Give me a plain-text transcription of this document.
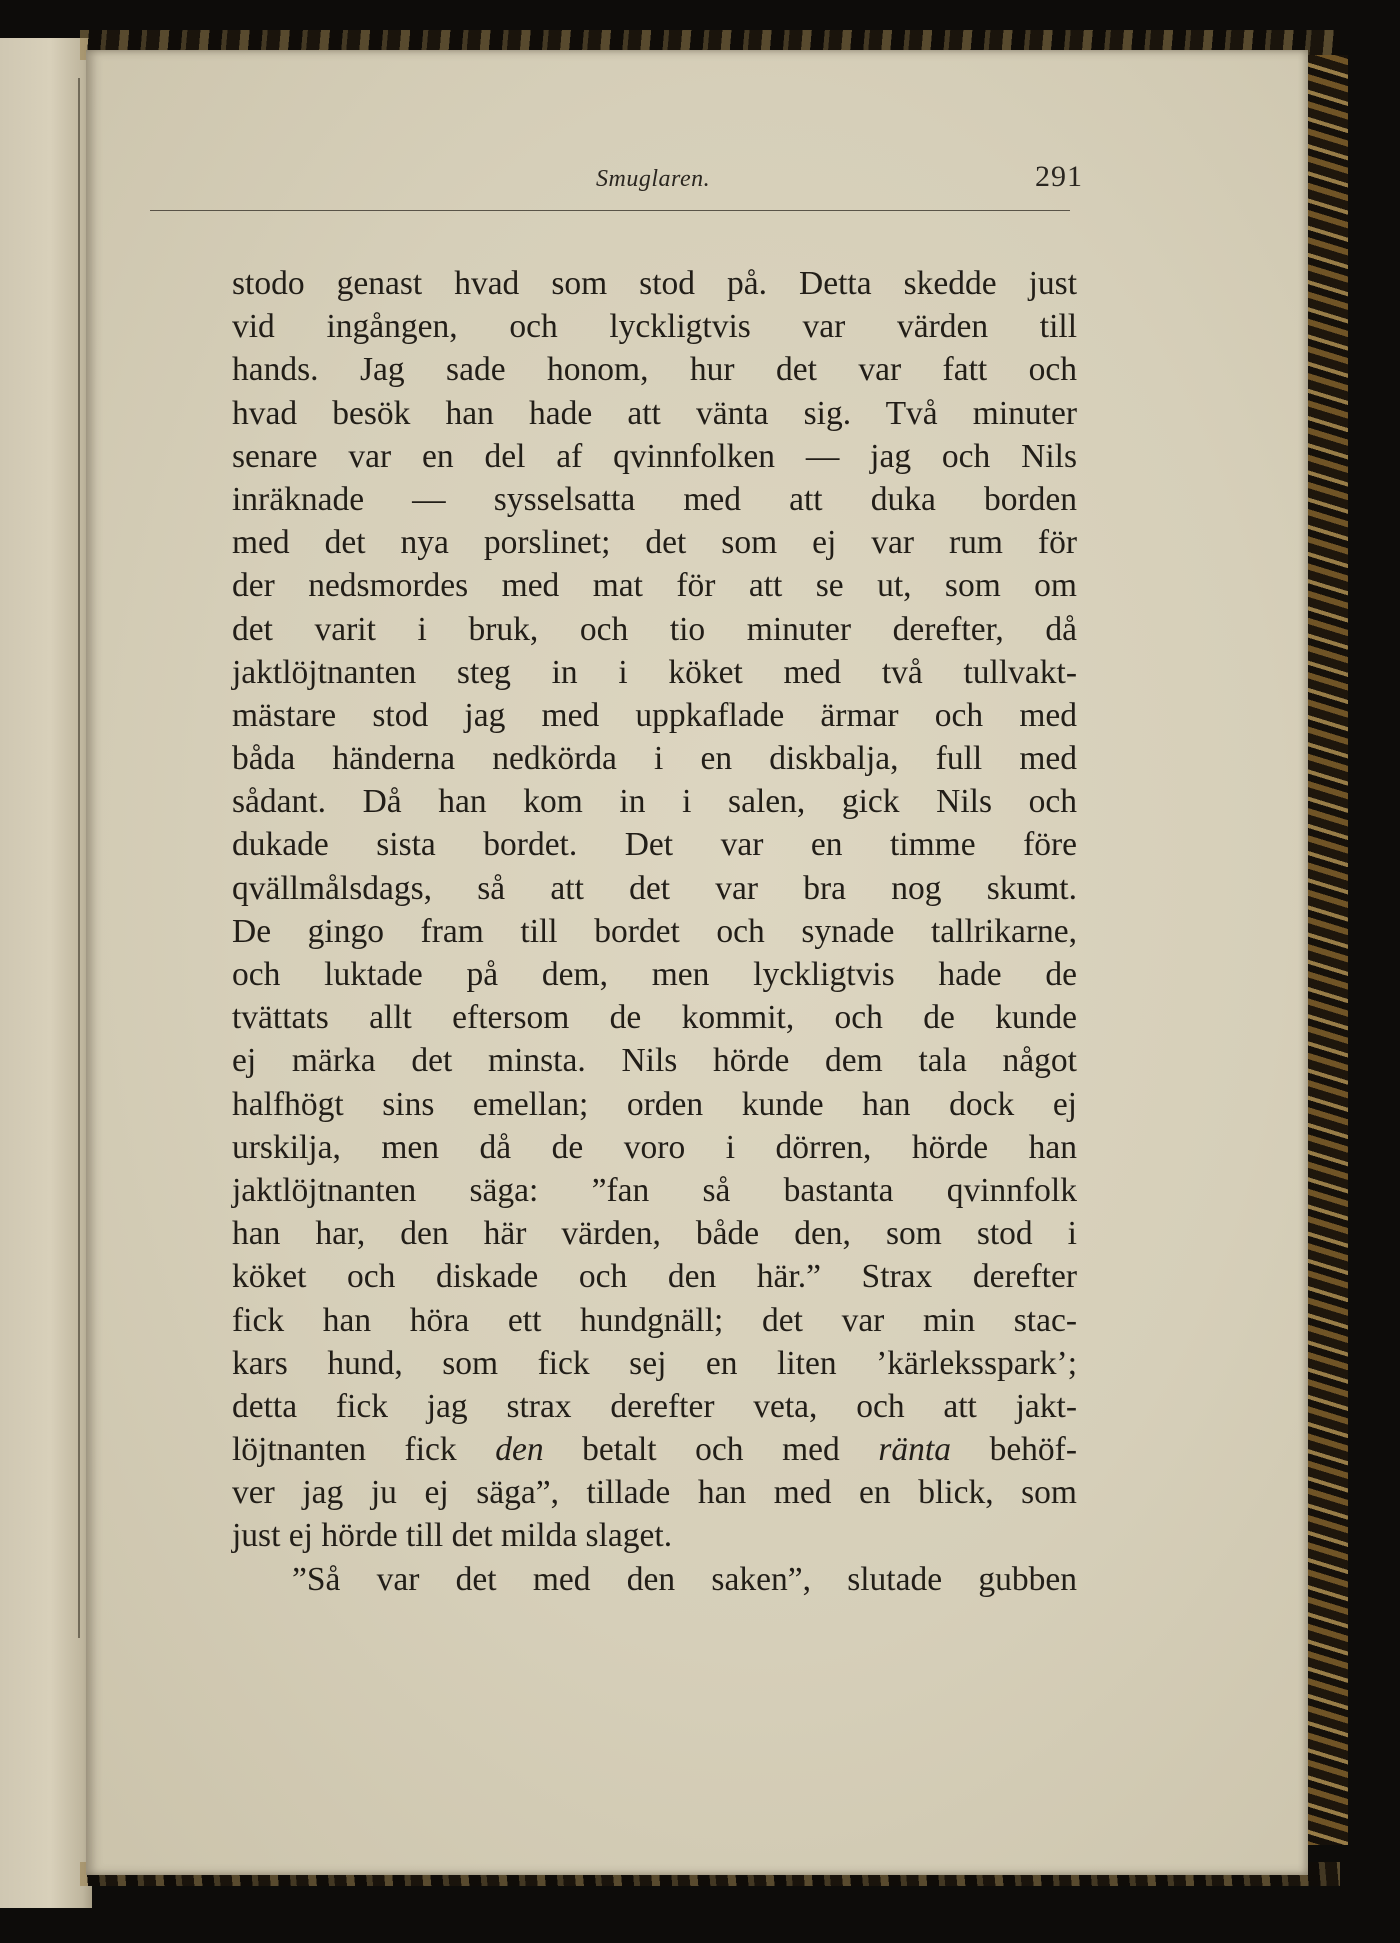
Smuglaren.	291
stodo genast hvad som stod på. Detta skedde just
vid ingången, och lyckligtvis var värden till
hands. Jag sade honom, hur det var fatt och
hvad besök han hade att vänta sig. Två minuter
senare var en del af qvinnfolken — jag och Nils
inräknade — sysselsatta med att duka borden
med det nya porslinet; det som ej var rum för
der nedsmordes med mat för att se ut, som om
det varit i bruk, och tio minuter derefter, då
jaktlöjtnanten steg in i köket med två tullvakt-
mästare stod jag med uppkaflade ärmar och med
båda händerna nedkörda i en diskbalja, full med
sådant. Då han kom in i salen, gick Nils och
dukade sista bordet. Det var en timme före
qvällmålsdags, så att det var bra nog skumt.
De gingo fram till bordet och synade tallrikarne,
och luktade på dem, men lyckligtvis hade de
tvättats allt eftersom de kommit, och de kunde
ej märka det minsta. Nils hörde dem tala något
halfhögt sins emellan; orden kunde han dock ej
urskilja, men då de voro i dörren, hörde han
jaktlöjtnanten säga: ”fan så bastanta qvinnfolk
han har, den här värden, både den, som stod i
köket och diskade och den här.” Strax derefter
fick han höra ett hundgnäll; det var min stac-
kars hund, som fick sej en liten ’kärleksspark’;
detta fick jag strax derefter veta, och att jakt-
löjtnanten fick den betalt och med ränta behöf-
ver jag ju ej säga”, tillade han med en blick, som
just ej hörde till det milda slaget.
”Så var det med den saken”, slutade gubben
